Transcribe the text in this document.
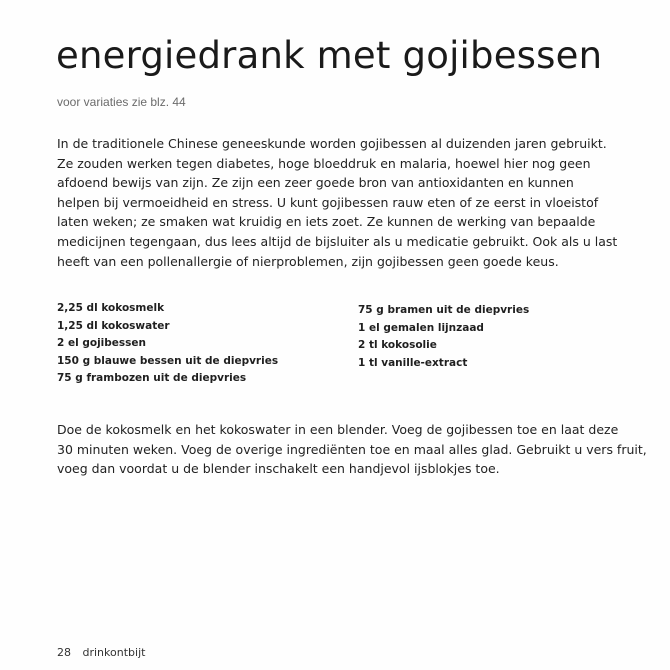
energiedrank met gojibessen
voor variaties zie blz. 44
In de traditionele Chinese geneeskunde worden gojibessen al duizenden jaren gebruikt.
Ze zouden werken tegen diabetes, hoge bloeddruk en malaria, hoewel hier nog geen
afdoend bewijs van zijn. Ze zijn een zeer goede bron van antioxidanten en kunnen
helpen bij vermoeidheid en stress. U kunt gojibessen rauw eten of ze eerst in vloeistof
laten weken; ze smaken wat kruidig en iets zoet. Ze kunnen de werking van bepaalde
medicijnen tegengaan, dus lees altijd de bijsluiter als u medicatie gebruikt. Ook als u last
heeft van een pollenallergie of nierproblemen, zijn gojibessen geen goede keus.
2,25 dl kokosmelk
1,25 dl kokoswater
2 el gojibessen
150 g blauwe bessen uit de diepvries
75 g frambozen uit de diepvries
75 g bramen uit de diepvries
1 el gemalen lijnzaad
2 tl kokosolie
1 tl vanille-extract
Doe de kokosmelk en het kokoswater in een blender. Voeg de gojibessen toe en laat deze
30 minuten weken. Voeg de overige ingrediënten toe en maal alles glad. Gebruikt u vers fruit,
voeg dan voordat u de blender inschakelt een handjevol ijsblokjes toe.
28 drinkontbijt
